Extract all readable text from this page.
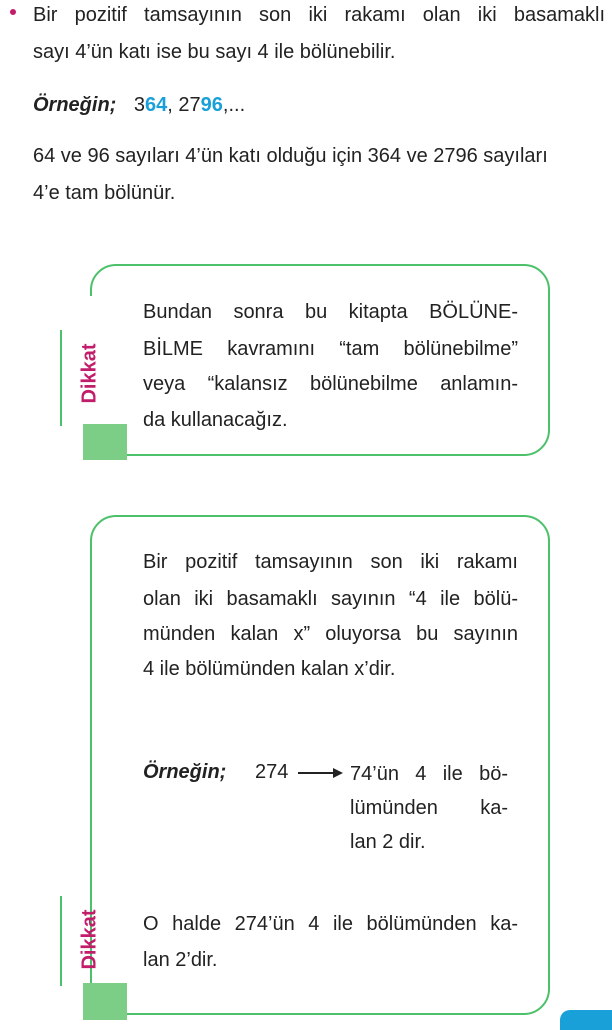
Bir pozitif tamsayının son iki rakamı olan iki basamaklı
sayı 4’ün katı ise bu sayı 4 ile bölünebilir.
Örneğin; 364, 2796,...
64 ve 96 sayıları 4’ün katı olduğu için 364 ve 2796 sayıları
4’e tam bölünür.
Dikkat
Bundan sonra bu kitapta BÖLÜNE-
BİLME kavramını “tam bölünebilme”
veya “kalansız bölünebilme anlamın-
da kullanacağız.
Dikkat
Bir pozitif tamsayının son iki rakamı
olan iki basamaklı sayının “4 ile bölü-
münden kalan x” oluyorsa bu sayının
4 ile bölümünden kalan x’dir.
Örneğin; 274	74’ün 4 ile bö-
lümünden ka-
lan 2 dir.
O halde 274’ün 4 ile bölümünden ka-
lan 2’dir.
